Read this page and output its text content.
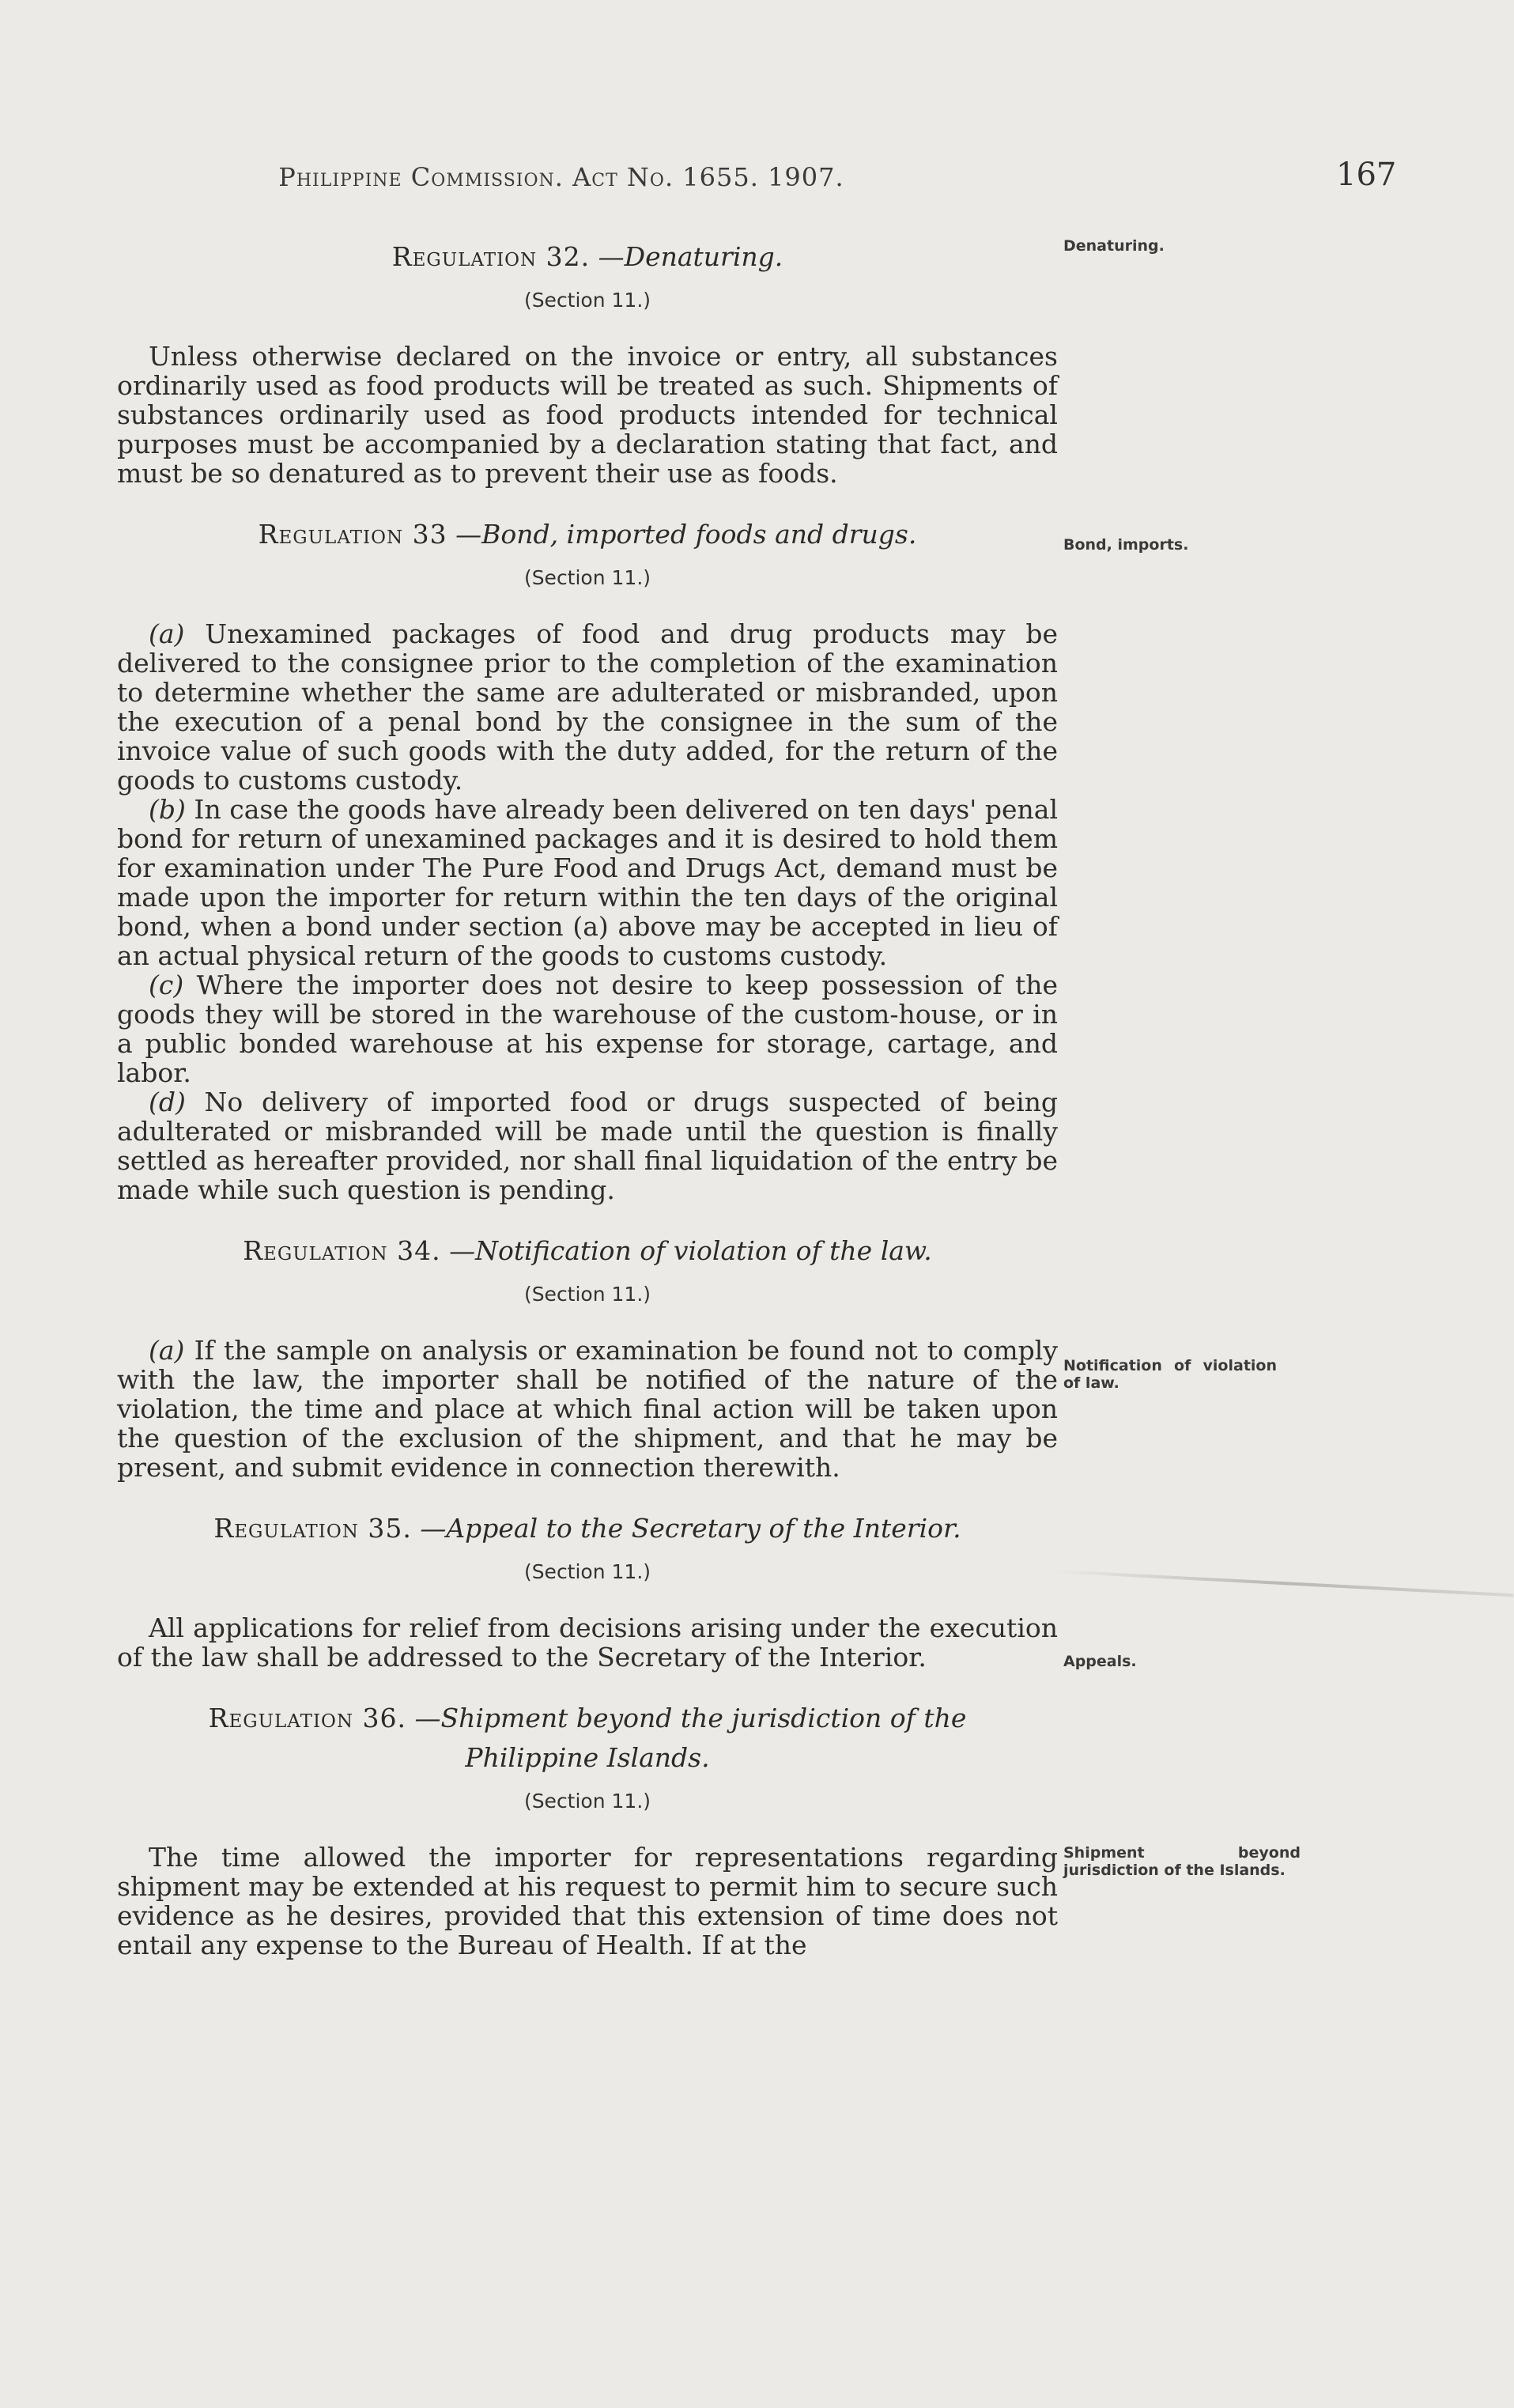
Philippine Commission. Act No. 1655. 1907.	167

Regulation 32. —Denaturing.

(Section 11.)

Unless otherwise declared on the invoice or entry, all substances ordinarily used as food products will be treated as such. Shipments of substances ordinarily used as food products intended for technical purposes must be accompanied by a declaration stating that fact, and must be so denatured as to prevent their use as foods.

Regulation 33 —Bond, imported foods and drugs.

(Section 11.)

(a) Unexamined packages of food and drug products may be delivered to the consignee prior to the completion of the examination to determine whether the same are adulterated or misbranded, upon the execution of a penal bond by the consignee in the sum of the invoice value of such goods with the duty added, for the return of the goods to customs custody.

(b) In case the goods have already been delivered on ten days' penal bond for return of unexamined packages and it is desired to hold them for examination under The Pure Food and Drugs Act, demand must be made upon the importer for return within the ten days of the original bond, when a bond under section (a) above may be accepted in lieu of an actual physical return of the goods to customs custody.

(c) Where the importer does not desire to keep possession of the goods they will be stored in the warehouse of the custom-house, or in a public bonded warehouse at his expense for storage, cartage, and labor.

(d) No delivery of imported food or drugs suspected of being adulterated or misbranded will be made until the question is finally settled as hereafter provided, nor shall final liquidation of the entry be made while such question is pending.

Regulation 34. —Notification of violation of the law.

(Section 11.)

(a) If the sample on analysis or examination be found not to comply with the law, the importer shall be notified of the nature of the violation, the time and place at which final action will be taken upon the question of the exclusion of the shipment, and that he may be present, and submit evidence in connection therewith.

Regulation 35. —Appeal to the Secretary of the Interior.

(Section 11.)

All applications for relief from decisions arising under the execution of the law shall be addressed to the Secretary of the Interior.

Regulation 36. —Shipment beyond the jurisdiction of the Philippine Islands.

(Section 11.)

The time allowed the importer for representations regarding shipment may be extended at his request to permit him to secure such evidence as he desires, provided that this extension of time does not entail any expense to the Bureau of Health. If at the

Denaturing.
Bond, imports.
Notification of violation of law.
Appeals.
Shipment beyond jurisdiction of the Islands.
